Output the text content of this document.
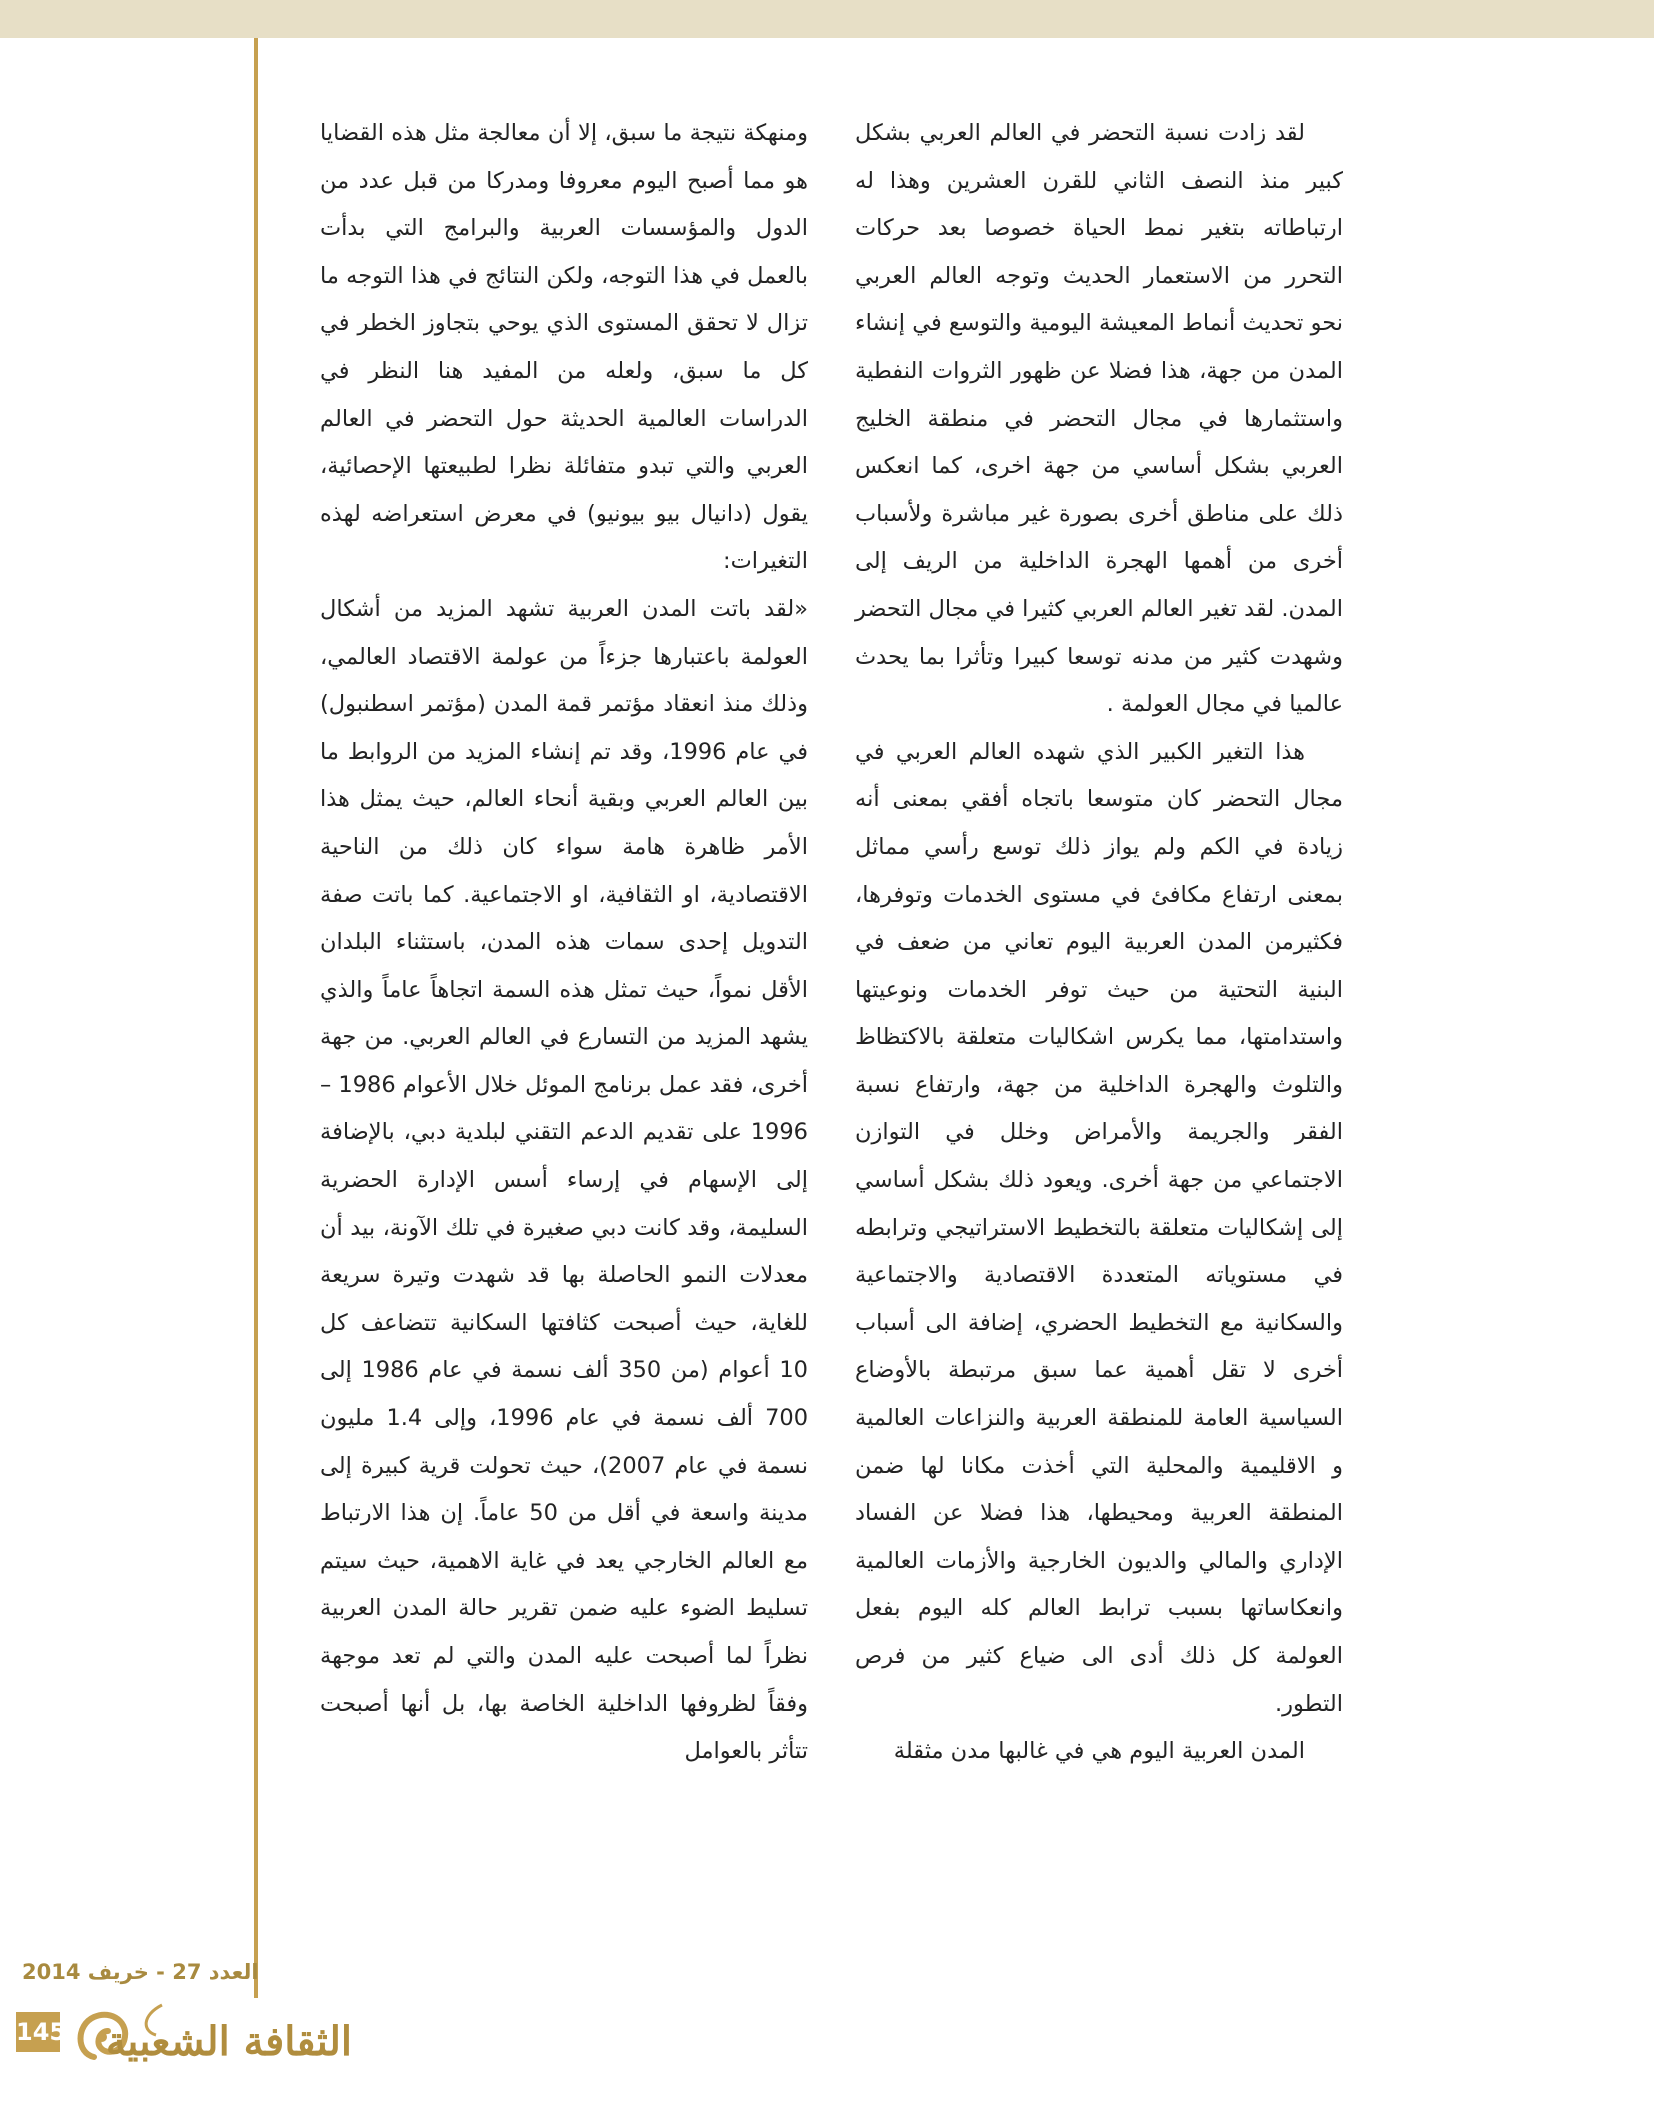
لقد زادت نسبة التحضر في العالم العربي بشكل كبير منذ النصف الثاني للقرن العشرين وهذا له ارتباطاته بتغير نمط الحياة خصوصا بعد حركات التحرر من الاستعمار الحديث وتوجه العالم العربي نحو تحديث أنماط المعيشة اليومية والتوسع في إنشاء المدن من جهة، هذا فضلا عن ظهور الثروات النفطية واستثمارها في مجال التحضر في منطقة الخليج العربي بشكل أساسي من جهة اخرى، كما انعكس ذلك على مناطق أخرى بصورة غير مباشرة ولأسباب أخرى من أهمها الهجرة الداخلية من الريف إلى المدن. لقد تغير العالم العربي كثيرا في مجال التحضر وشهدت كثير من مدنه توسعا كبيرا وتأثرا بما يحدث عالميا في مجال العولمة .

هذا التغير الكبير الذي شهده العالم العربي في مجال التحضر كان متوسعا باتجاه أفقي بمعنى أنه زيادة في الكم ولم يواز ذلك توسع رأسي مماثل بمعنى ارتفاع مكافئ في مستوى الخدمات وتوفرها، فكثيرمن المدن العربية اليوم تعاني من ضعف في البنية التحتية من حيث توفر الخدمات ونوعيتها واستدامتها، مما يكرس اشكاليات متعلقة بالاكتظاظ والتلوث والهجرة الداخلية من جهة، وارتفاع نسبة الفقر والجريمة والأمراض وخلل في التوازن الاجتماعي من جهة أخرى. ويعود ذلك بشكل أساسي إلى إشكاليات متعلقة بالتخطيط الاستراتيجي وترابطه في مستوياته المتعددة الاقتصادية والاجتماعية والسكانية مع التخطيط الحضري، إضافة الى أسباب أخرى لا تقل أهمية عما سبق مرتبطة بالأوضاع السياسية العامة للمنطقة العربية والنزاعات العالمية و الاقليمية والمحلية التي أخذت مكانا لها ضمن المنطقة العربية ومحيطها، هذا فضلا عن الفساد الإداري والمالي والديون الخارجية والأزمات العالمية وانعكاساتها بسبب ترابط العالم كله اليوم بفعل العولمة كل ذلك أدى الى ضياع كثير من فرص التطور.

المدن العربية اليوم هي في غالبها مدن مثقلة

ومنهكة نتيجة ما سبق، إلا أن معالجة مثل هذه القضايا هو مما أصبح اليوم معروفا ومدركا من قبل عدد من الدول والمؤسسات العربية والبرامج التي بدأت بالعمل في هذا التوجه، ولكن النتائج في هذا التوجه ما تزال لا تحقق المستوى الذي يوحي بتجاوز الخطر في كل ما سبق، ولعله من المفيد هنا النظر في الدراسات العالمية الحديثة حول التحضر في العالم العربي والتي تبدو متفائلة نظرا لطبيعتها الإحصائية، يقول (دانيال بيو بيونيو) في معرض استعراضه لهذه التغيرات:

«لقد باتت المدن العربية تشهد المزيد من أشكال العولمة باعتبارها جزءاً من عولمة الاقتصاد العالمي، وذلك منذ انعقاد مؤتمر قمة المدن (مؤتمر اسطنبول) في عام 1996، وقد تم إنشاء المزيد من الروابط ما بين العالم العربي وبقية أنحاء العالم، حيث يمثل هذا الأمر ظاهرة هامة سواء كان ذلك من الناحية الاقتصادية، او الثقافية، او الاجتماعية. كما باتت صفة التدويل إحدى سمات هذه المدن، باستثناء البلدان الأقل نمواً، حيث تمثل هذه السمة اتجاهاً عاماً والذي يشهد المزيد من التسارع في العالم العربي. من جهة أخرى، فقد عمل برنامج الموئل خلال الأعوام 1986 – 1996 على تقديم الدعم التقني لبلدية دبي، بالإضافة إلى الإسهام في إرساء أسس الإدارة الحضرية السليمة، وقد كانت دبي صغيرة في تلك الآونة، بيد أن معدلات النمو الحاصلة بها قد شهدت وتيرة سريعة للغاية، حيث أصبحت كثافتها السكانية تتضاعف كل 10 أعوام (من 350 ألف نسمة في عام 1986 إلى 700 ألف نسمة في عام 1996، وإلى 1.4 مليون نسمة في عام 2007)، حيث تحولت قرية كبيرة إلى مدينة واسعة في أقل من 50 عاماً. إن هذا الارتباط مع العالم الخارجي يعد في غاية الاهمية، حيث سيتم تسليط الضوء عليه ضمن تقرير حالة المدن العربية نظراً لما أصبحت عليه المدن والتي لم تعد موجهة وفقاً لظروفها الداخلية الخاصة بها، بل أنها أصبحت تتأثر بالعوامل

العدد 27 - خريف 2014
145 الثقافة الشعبية
